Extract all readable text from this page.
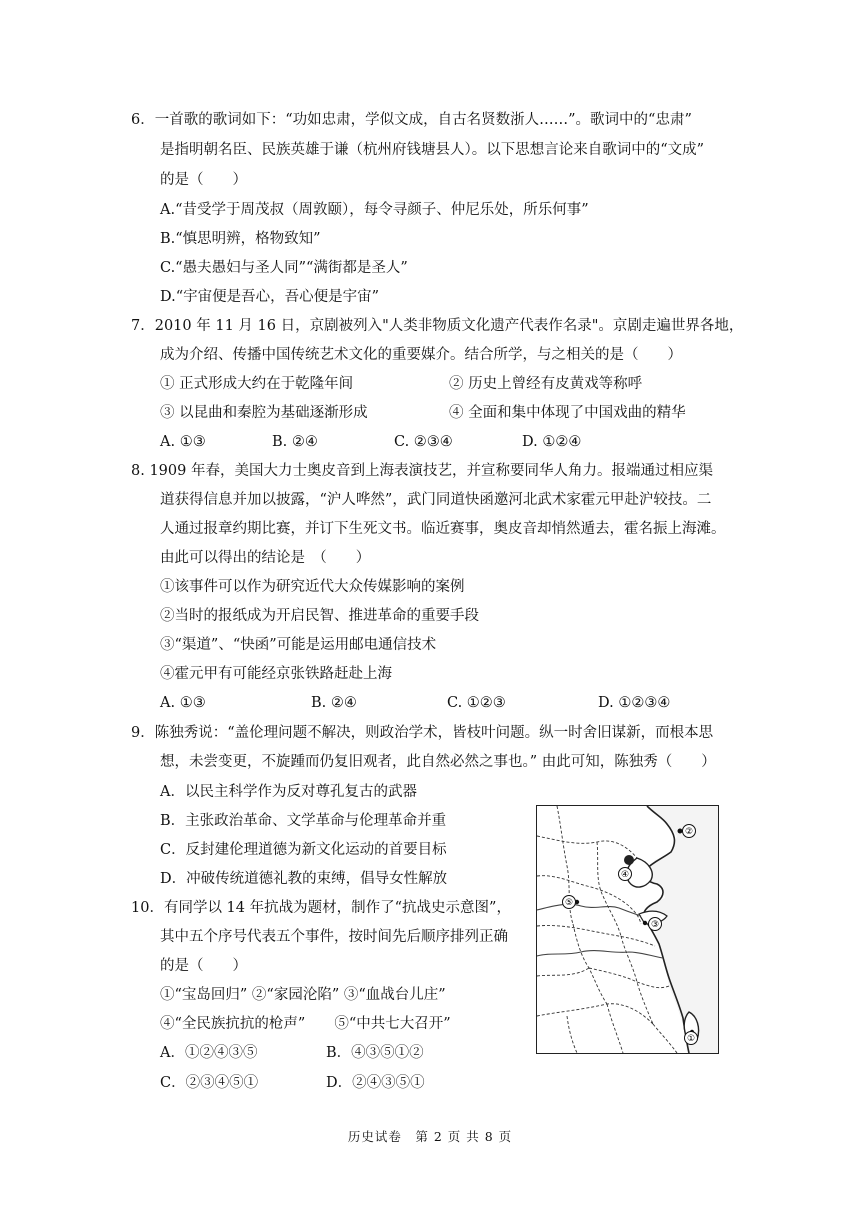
6．一首歌的歌词如下：“功如忠肃，学似文成，自古名贤数浙人……”。歌词中的“忠肃”
是指明朝名臣、民族英雄于谦（杭州府钱塘县人）。以下思想言论来自歌词中的“文成”
的是（　　）
A.“昔受学于周茂叔（周敦颐），每令寻颜子、仲尼乐处，所乐何事”
B.“慎思明辨，格物致知”
C.“愚夫愚妇与圣人同”“满街都是圣人”
D.“宇宙便是吾心，吾心便是宇宙”
7．2010 年 11 月 16 日，京剧被列入"人类非物质文化遗产代表作名录"。京剧走遍世界各地，
成为介绍、传播中国传统艺术文化的重要媒介。结合所学，与之相关的是（　　）
① 正式形成大约在于乾隆年间	② 历史上曾经有皮黄戏等称呼
③ 以昆曲和秦腔为基础逐渐形成	④ 全面和集中体现了中国戏曲的精华
A. ①③	B. ②④	C. ②③④	D. ①②④
8. 1909 年春，美国大力士奥皮音到上海表演技艺，并宣称要同华人角力。报端通过相应渠
道获得信息并加以披露，“沪人哗然”，武门同道快函邀河北武术家霍元甲赴沪较技。二
人通过报章约期比赛，并订下生死文书。临近赛事，奥皮音却悄然遁去，霍名振上海滩。
由此可以得出的结论是　（　　）
①该事件可以作为研究近代大众传媒影响的案例
②当时的报纸成为开启民智、推进革命的重要手段
③“渠道”、“快函”可能是运用邮电通信技术
④霍元甲有可能经京张铁路赶赴上海
A. ①③	B. ②④	C. ①②③	D. ①②③④
9．陈独秀说：“盖伦理问题不解决，则政治学术，皆枝叶问题。纵一时舍旧谋新，而根本思
想，未尝变更，不旋踵而仍复旧观者，此自然必然之事也。” 由此可知，陈独秀（　　）
A．以民主科学作为反对尊孔复古的武器
B．主张政治革命、文学革命与伦理革命并重
C．反封建伦理道德为新文化运动的首要目标
D．冲破传统道德礼教的束缚，倡导女性解放
10．有同学以 14 年抗战为题材，制作了“抗战史示意图”，
其中五个序号代表五个事件，按时间先后顺序排列正确
的是（　　）
①“宝岛回归” ②“家园沦陷” ③“血战台儿庄”
④“全民族抗抗的枪声”　　⑤“中共七大召开”
A．①②④③⑤	B．④③⑤①②
C．②③④⑤①	D．②④③⑤①
②
④
⑤
③
①
历史试卷　第 2 页 共 8 页
